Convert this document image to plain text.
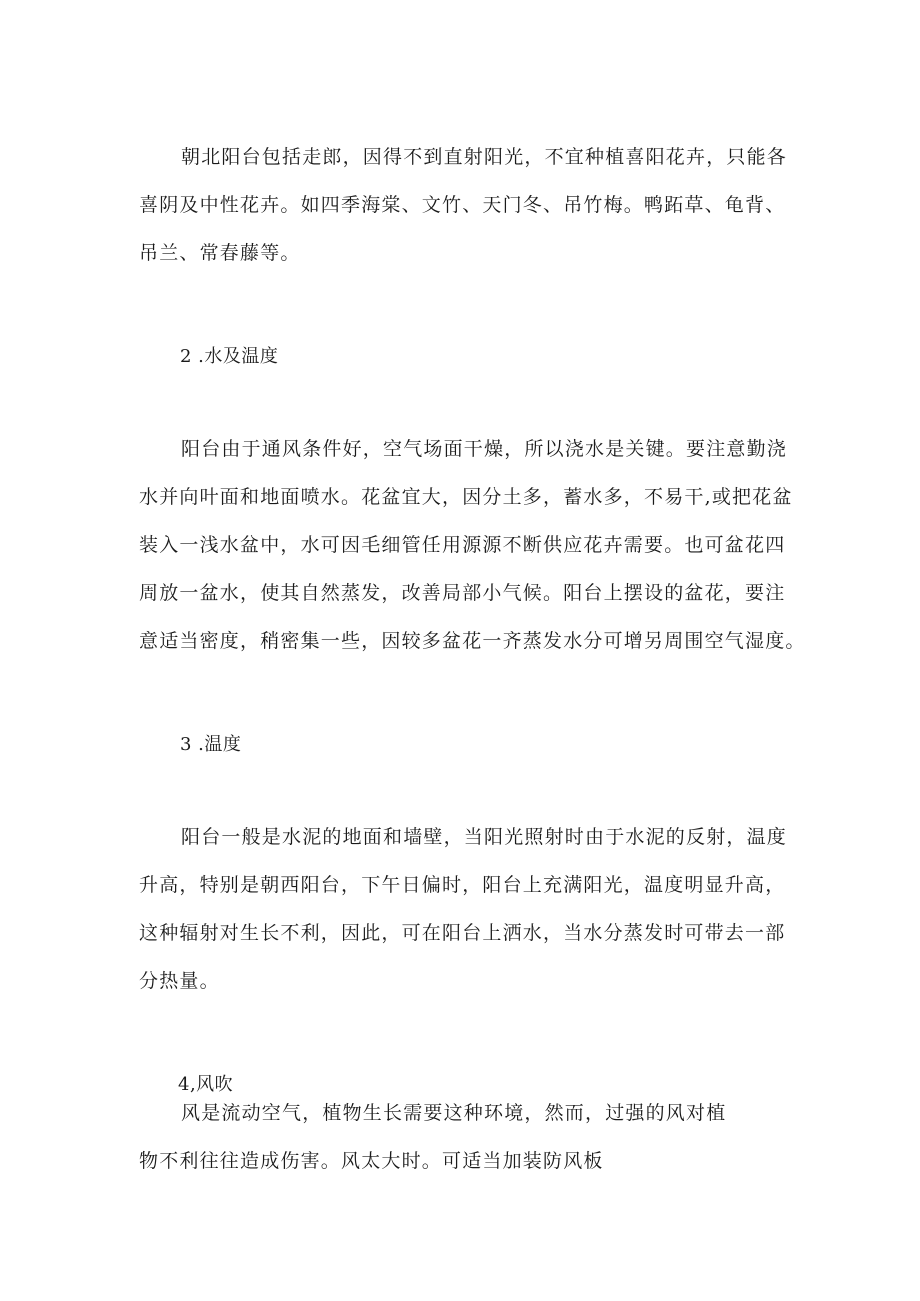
朝北阳台包括走郎，因得不到直射阳光，不宜种植喜阳花卉，只能各
喜阴及中性花卉。如四季海棠、文竹、天门冬、吊竹梅。鸭跖草、龟背、
吊兰、常春藤等。
2 .水及温度
阳台由于通风条件好，空气场面干燥，所以浇水是关键。要注意勤浇
水并向叶面和地面喷水。花盆宜大，因分土多，蓄水多，不易干,或把花盆
装入一浅水盆中，水可因毛细管任用源源不断供应花卉需要。也可盆花四
周放一盆水，使其自然蒸发，改善局部小气候。阳台上摆设的盆花，要注
意适当密度，稍密集一些，因较多盆花一齐蒸发水分可增另周围空气湿度。
3 .温度
阳台一般是水泥的地面和墙壁，当阳光照射时由于水泥的反射，温度
升高，特别是朝西阳台，下午日偏时，阳台上充满阳光，温度明显升高，
这种辐射对生长不利，因此，可在阳台上洒水，当水分蒸发时可带去一部
分热量。
4,风吹
风是流动空气，植物生长需要这种环境，然而，过强的风对植
物不利往往造成伤害。风太大时。可适当加装防风板
